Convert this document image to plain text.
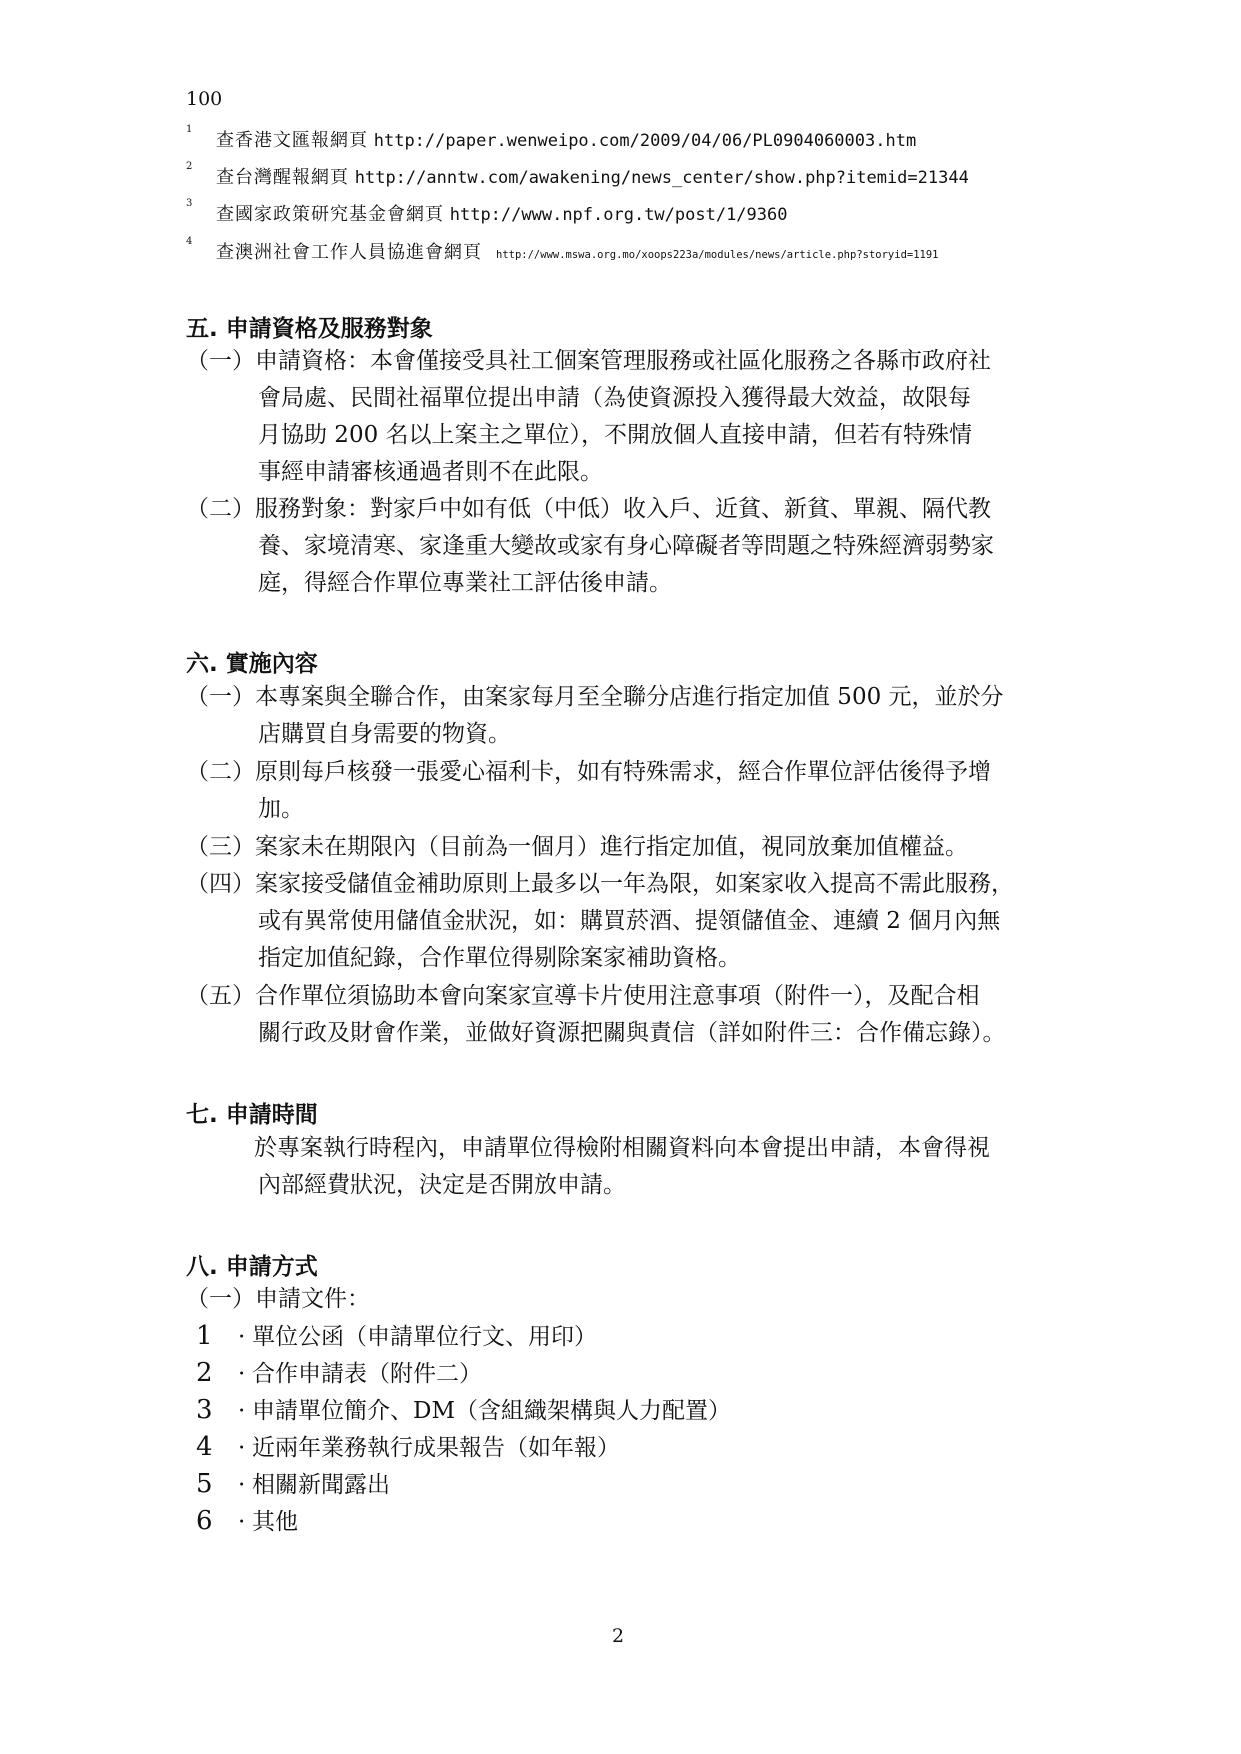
100
1查香港文匯報網頁 http://paper.wenweipo.com/2009/04/06/PL0904060003.htm
2查台灣醒報網頁 http://anntw.com/awakening/news_center/show.php?itemid=21344
3查國家政策研究基金會網頁 http://www.npf.org.tw/post/1/9360
4查澳洲社會工作人員協進會網頁 http://www.mswa.org.mo/xoops223a/modules/news/article.php?storyid=1191
五. 申請資格及服務對象
（一）申請資格：本會僅接受具社工個案管理服務或社區化服務之各縣市政府社
會局處、民間社福單位提出申請（為使資源投入獲得最大效益，故限每
月協助 200 名以上案主之單位），不開放個人直接申請，但若有特殊情
事經申請審核通過者則不在此限。
（二）服務對象：對家戶中如有低（中低）收入戶、近貧、新貧、單親、隔代教
養、家境清寒、家逢重大變故或家有身心障礙者等問題之特殊經濟弱勢家
庭，得經合作單位專業社工評估後申請。
六. 實施內容
（一）本專案與全聯合作，由案家每月至全聯分店進行指定加值 500 元，並於分
店購買自身需要的物資。
（二）原則每戶核發一張愛心福利卡，如有特殊需求，經合作單位評估後得予增
加。
（三）案家未在期限內（目前為一個月）進行指定加值，視同放棄加值權益。
（四）案家接受儲值金補助原則上最多以一年為限，如案家收入提高不需此服務，
或有異常使用儲值金狀況，如：購買菸酒、提領儲值金、連續 2 個月內無
指定加值紀錄，合作單位得剔除案家補助資格。
（五）合作單位須協助本會向案家宣導卡片使用注意事項（附件一），及配合相
關行政及財會作業，並做好資源把關與責信（詳如附件三：合作備忘錄）。
七. 申請時間
於專案執行時程內，申請單位得檢附相關資料向本會提出申請，本會得視
內部經費狀況，決定是否開放申請。
八. 申請方式
（一）申請文件：
1 · 單位公函（申請單位行文、用印）
2 · 合作申請表（附件二）
3 · 申請單位簡介、DM（含組織架構與人力配置）
4 · 近兩年業務執行成果報告（如年報）
5 · 相關新聞露出
6 · 其他
2
